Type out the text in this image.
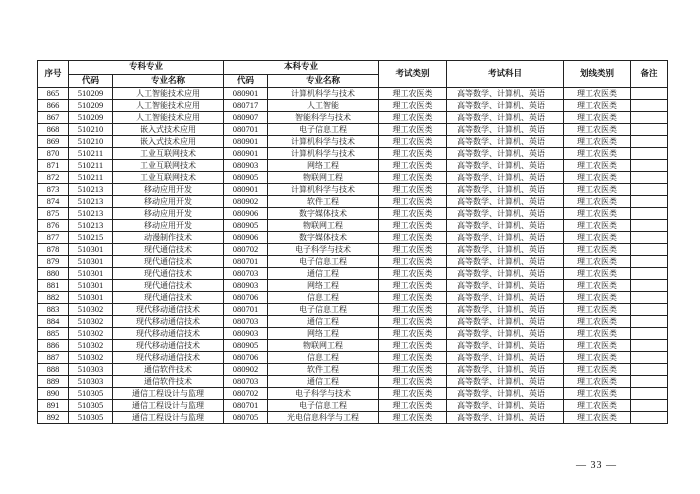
序号	专科专业		本科专业		考试类别	考试科目	划线类别	备注
	代码	专业名称	代码	专业名称				
865	510209	人工智能技术应用	080901	计算机科学与技术	理工农医类	高等数学、计算机、英语	理工农医类	
866	510209	人工智能技术应用	080717	人工智能	理工农医类	高等数学、计算机、英语	理工农医类	
867	510209	人工智能技术应用	080907	智能科学与技术	理工农医类	高等数学、计算机、英语	理工农医类	
868	510210	嵌入式技术应用	080701	电子信息工程	理工农医类	高等数学、计算机、英语	理工农医类	
869	510210	嵌入式技术应用	080901	计算机科学与技术	理工农医类	高等数学、计算机、英语	理工农医类	
870	510211	工业互联网技术	080901	计算机科学与技术	理工农医类	高等数学、计算机、英语	理工农医类	
871	510211	工业互联网技术	080903	网络工程	理工农医类	高等数学、计算机、英语	理工农医类	
872	510211	工业互联网技术	080905	物联网工程	理工农医类	高等数学、计算机、英语	理工农医类	
873	510213	移动应用开发	080901	计算机科学与技术	理工农医类	高等数学、计算机、英语	理工农医类	
874	510213	移动应用开发	080902	软件工程	理工农医类	高等数学、计算机、英语	理工农医类	
875	510213	移动应用开发	080906	数字媒体技术	理工农医类	高等数学、计算机、英语	理工农医类	
876	510213	移动应用开发	080905	物联网工程	理工农医类	高等数学、计算机、英语	理工农医类	
877	510215	动漫制作技术	080906	数字媒体技术	理工农医类	高等数学、计算机、英语	理工农医类	
878	510301	现代通信技术	080702	电子科学与技术	理工农医类	高等数学、计算机、英语	理工农医类	
879	510301	现代通信技术	080701	电子信息工程	理工农医类	高等数学、计算机、英语	理工农医类	
880	510301	现代通信技术	080703	通信工程	理工农医类	高等数学、计算机、英语	理工农医类	
881	510301	现代通信技术	080903	网络工程	理工农医类	高等数学、计算机、英语	理工农医类	
882	510301	现代通信技术	080706	信息工程	理工农医类	高等数学、计算机、英语	理工农医类	
883	510302	现代移动通信技术	080701	电子信息工程	理工农医类	高等数学、计算机、英语	理工农医类	
884	510302	现代移动通信技术	080703	通信工程	理工农医类	高等数学、计算机、英语	理工农医类	
885	510302	现代移动通信技术	080903	网络工程	理工农医类	高等数学、计算机、英语	理工农医类	
886	510302	现代移动通信技术	080905	物联网工程	理工农医类	高等数学、计算机、英语	理工农医类	
887	510302	现代移动通信技术	080706	信息工程	理工农医类	高等数学、计算机、英语	理工农医类	
888	510303	通信软件技术	080902	软件工程	理工农医类	高等数学、计算机、英语	理工农医类	
889	510303	通信软件技术	080703	通信工程	理工农医类	高等数学、计算机、英语	理工农医类	
890	510305	通信工程设计与监理	080702	电子科学与技术	理工农医类	高等数学、计算机、英语	理工农医类	
891	510305	通信工程设计与监理	080701	电子信息工程	理工农医类	高等数学、计算机、英语	理工农医类	
892	510305	通信工程设计与监理	080705	光电信息科学与工程	理工农医类	高等数学、计算机、英语	理工农医类	
— 33 —
